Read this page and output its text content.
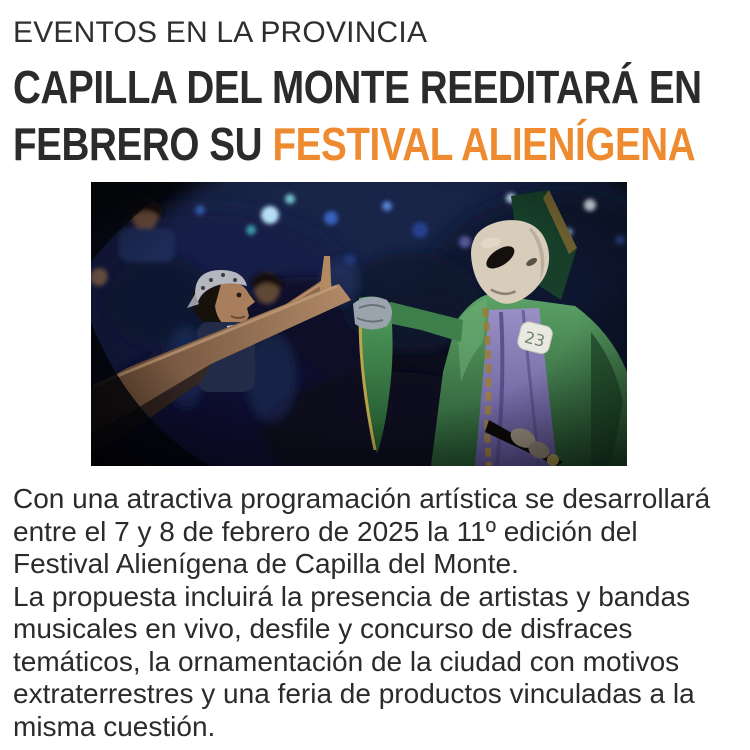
EVENTOS EN LA PROVINCIA
CAPILLA DEL MONTE REEDITARÁ EN
FEBRERO SU FESTIVAL ALIENÍGENA

Con una atractiva programación artística se desarrollará entre el 7 y 8 de febrero de 2025 la 11º edición del Festival Alienígena de Capilla del Monte.

La propuesta incluirá la presencia de artistas y bandas musicales en vivo, desfile y concurso de disfraces temáticos, la ornamentación de la ciudad con motivos extraterrestres y una feria de productos vinculadas a la misma cuestión.
